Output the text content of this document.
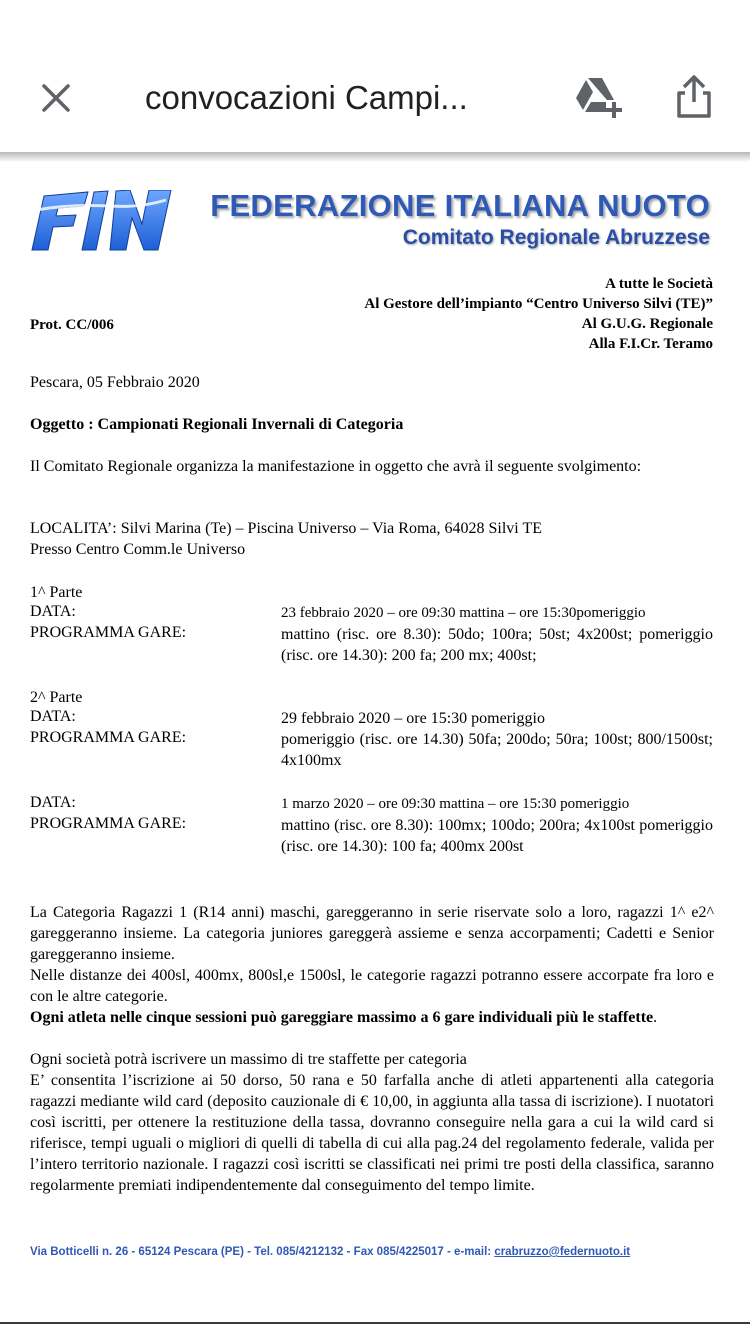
convocazioni Campi...
FEDERAZIONE ITALIANA NUOTO
Comitato Regionale Abruzzese
A tutte le Società
Al Gestore dell’impianto “Centro Universo Silvi (TE)”
Al G.U.G. Regionale
Alla F.I.Cr. Teramo
Prot. CC/006
Pescara, 05 Febbraio 2020
Oggetto : Campionati Regionali Invernali di Categoria
Il Comitato Regionale organizza la manifestazione in oggetto che avrà il seguente svolgimento:
LOCALITA’: Silvi Marina (Te) – Piscina Universo – Via Roma, 64028 Silvi TE
Presso Centro Comm.le Universo
1^ Parte
DATA:
PROGRAMMA GARE:
23 febbraio 2020 – ore 09:30 mattina – ore 15:30pomeriggio
mattino (risc. ore 8.30): 50do; 100ra; 50st; 4x200st; pomeriggio (risc. ore 14.30): 200 fa; 200 mx; 400st;
2^ Parte
DATA:
PROGRAMMA GARE:
29 febbraio 2020 – ore 15:30 pomeriggio
pomeriggio (risc. ore 14.30) 50fa; 200do; 50ra; 100st; 800/1500st; 4x100mx
DATA:
PROGRAMMA GARE:
1 marzo 2020 – ore 09:30 mattina – ore 15:30 pomeriggio
mattino (risc. ore 8.30): 100mx; 100do; 200ra; 4x100st pomeriggio (risc. ore 14.30): 100 fa; 400mx 200st
La Categoria Ragazzi 1 (R14 anni) maschi, gareggeranno in serie riservate solo a loro, ragazzi 1^ e2^ gareggeranno insieme. La categoria juniores gareggerà assieme e senza accorpamenti; Cadetti e Senior gareggeranno insieme.
Nelle distanze dei 400sl, 400mx, 800sl,e 1500sl, le categorie ragazzi potranno essere accorpate fra loro e con le altre categorie.
Ogni atleta nelle cinque sessioni può gareggiare massimo a 6 gare individuali più le staffette.
Ogni società potrà iscrivere un massimo di tre staffette per categoria
E’ consentita l’iscrizione ai 50 dorso, 50 rana e 50 farfalla anche di atleti appartenenti alla categoria ragazzi mediante wild card (deposito cauzionale di € 10,00, in aggiunta alla tassa di iscrizione). I nuotatori così iscritti, per ottenere la restituzione della tassa, dovranno conseguire nella gara a cui la wild card si riferisce, tempi uguali o migliori di quelli di tabella di cui alla pag.24 del regolamento federale, valida per l’intero territorio nazionale. I ragazzi così iscritti se classificati nei primi tre posti della classifica, saranno regolarmente premiati indipendentemente dal conseguimento del tempo limite.
Via Botticelli n. 26 - 65124 Pescara (PE) - Tel. 085/4212132 - Fax 085/4225017 - e-mail: crabruzzo@federnuoto.it
